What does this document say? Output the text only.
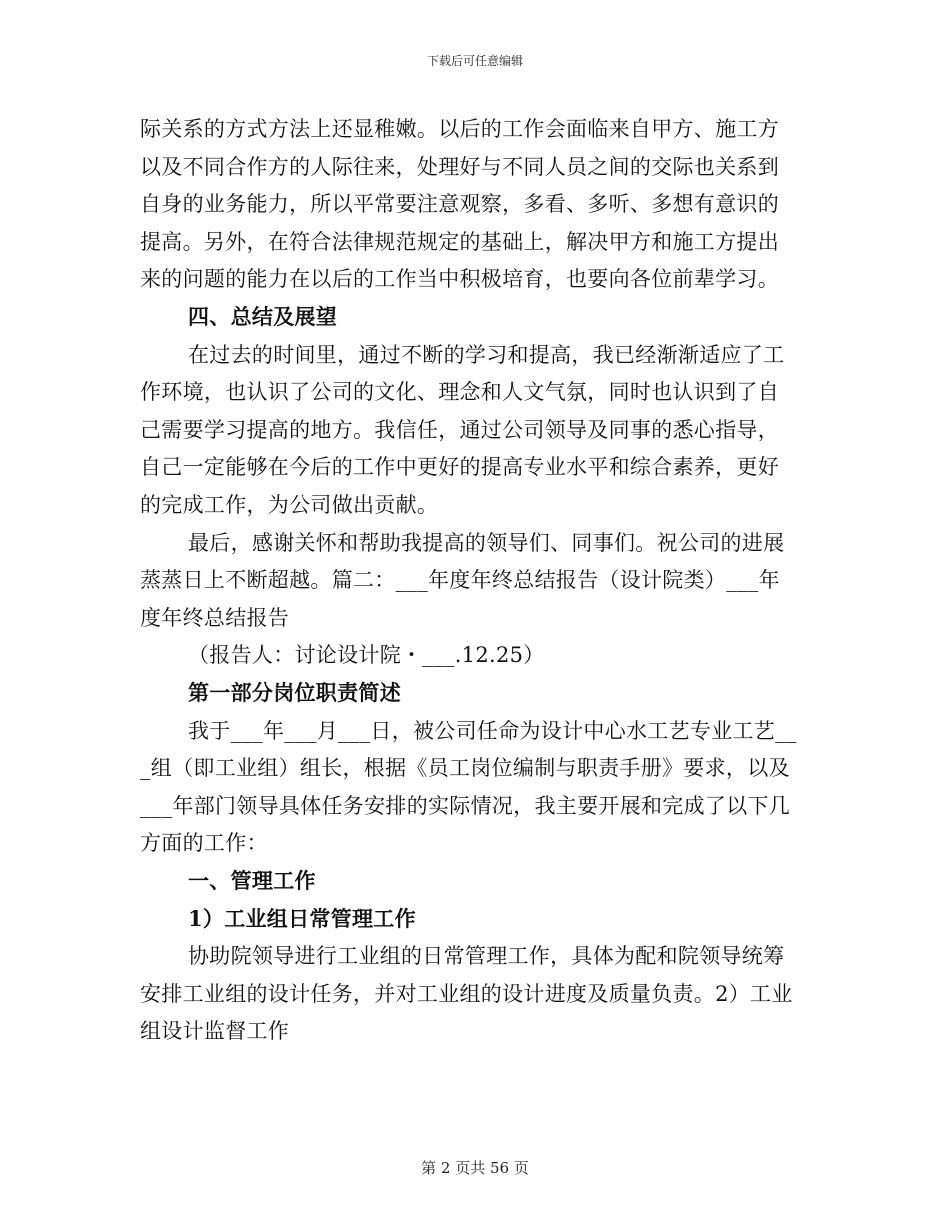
下载后可任意编辑
际关系的方式方法上还显稚嫩。以后的工作会面临来自甲方、施工方
以及不同合作方的人际往来，处理好与不同人员之间的交际也关系到
自身的业务能力，所以平常要注意观察，多看、多听、多想有意识的
提高。另外，在符合法律规范规定的基础上，解决甲方和施工方提出
来的问题的能力在以后的工作当中积极培育，也要向各位前辈学习。
四、总结及展望
在过去的时间里，通过不断的学习和提高，我已经渐渐适应了工
作环境，也认识了公司的文化、理念和人文气氛，同时也认识到了自
己需要学习提高的地方。我信任，通过公司领导及同事的悉心指导，
自己一定能够在今后的工作中更好的提高专业水平和综合素养，更好
的完成工作，为公司做出贡献。
最后，感谢关怀和帮助我提高的领导们、同事们。祝公司的进展
蒸蒸日上不断超越。篇二：___年度年终总结报告（设计院类）___年
度年终总结报告
（报告人：讨论设计院・___.12.25）
第一部分岗位职责简述
我于___年___月___日，被公司任命为设计中心水工艺专业工艺__
_组（即工业组）组长，根据《员工岗位编制与职责手册》要求，以及
___年部门领导具体任务安排的实际情况，我主要开展和完成了以下几
方面的工作：
一、管理工作
1）工业组日常管理工作
协助院领导进行工业组的日常管理工作，具体为配和院领导统筹
安排工业组的设计任务，并对工业组的设计进度及质量负责。2）工业
组设计监督工作
第 2 页共 56 页
